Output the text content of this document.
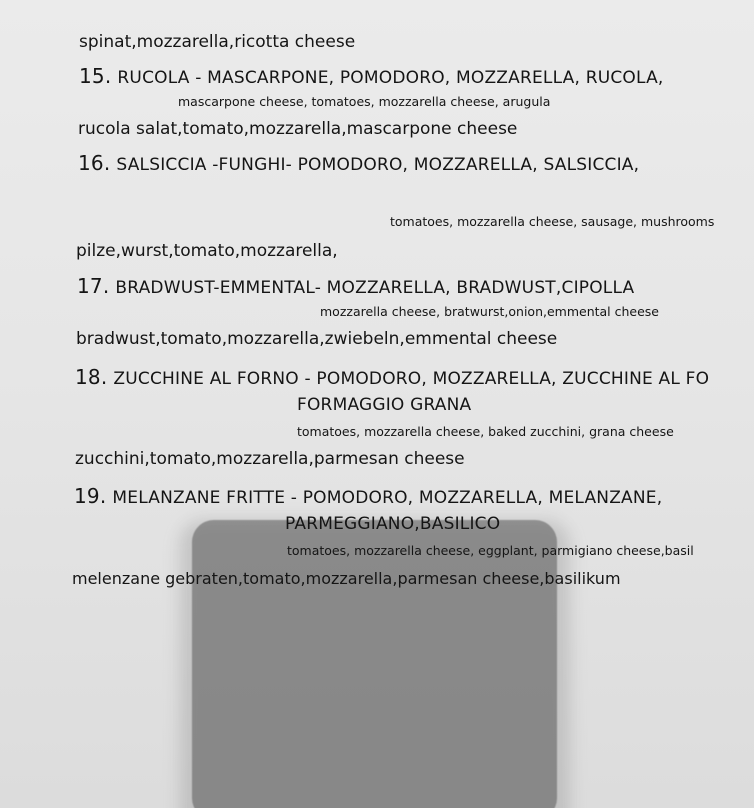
spinat,mozzarella,ricotta cheese
15. RUCOLA - MASCARPONE, POMODORO, MOZZARELLA, RUCOLA,
mascarpone cheese, tomatoes, mozzarella cheese, arugula
rucola salat,tomato,mozzarella,mascarpone cheese
16. SALSICCIA -FUNGHI- POMODORO, MOZZARELLA, SALSICCIA,
tomatoes, mozzarella cheese, sausage, mushrooms
pilze,wurst,tomato,mozzarella,
17. BRADWUST-EMMENTAL- MOZZARELLA, BRADWUST,CIPOLLA
mozzarella cheese, bratwurst,onion,emmental cheese
bradwust,tomato,mozzarella,zwiebeln,emmental cheese
18. ZUCCHINE AL FORNO - POMODORO, MOZZARELLA, ZUCCHINE AL FO
FORMAGGIO GRANA
tomatoes, mozzarella cheese, baked zucchini, grana cheese
zucchini,tomato,mozzarella,parmesan cheese
19. MELANZANE FRITTE - POMODORO, MOZZARELLA, MELANZANE,
PARMEGGIANO,BASILICO
tomatoes, mozzarella cheese, eggplant, parmigiano cheese,basil
melenzane gebraten,tomato,mozzarella,parmesan cheese,basilikum
